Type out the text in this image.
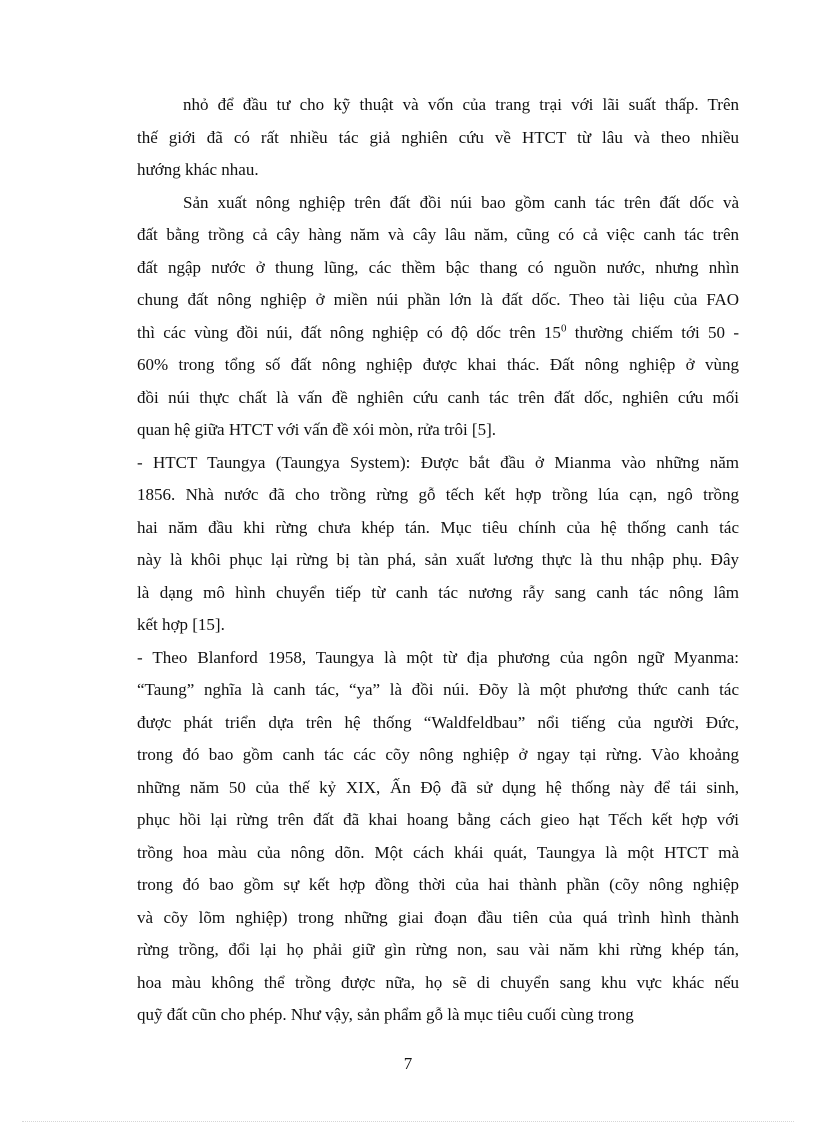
nhỏ để đầu tư cho kỹ thuật và vốn của trang trại với lãi suất thấp. Trên
thế giới đã có rất nhiều tác giả nghiên cứu về HTCT từ lâu và theo nhiều
hướng khác nhau.
Sản xuất nông nghiệp trên đất đồi núi bao gồm canh tác trên đất dốc và
đất bằng trồng cả cây hàng năm và cây lâu năm, cũng có cả việc canh tác trên
đất ngập nước ở thung lũng, các thềm bậc thang có nguồn nước, nhưng nhìn
chung đất nông nghiệp ở miền núi phần lớn là đất dốc. Theo tài liệu của FAO
thì các vùng đồi núi, đất nông nghiệp có độ dốc trên $15^0$ thường chiếm tới 50 -
60% trong tổng số đất nông nghiệp được khai thác. Đất nông nghiệp ở vùng
đồi núi thực chất là vấn đề nghiên cứu canh tác trên đất dốc, nghiên cứu mối
quan hệ giữa HTCT với vấn đề xói mòn, rửa trôi [5].
- HTCT Taungya (Taungya System): Được bắt đầu ở Mianma vào những năm
1856. Nhà nước đã cho trồng rừng gỗ tếch kết hợp trồng lúa cạn, ngô trồng
hai năm đầu khi rừng chưa khép tán. Mục tiêu chính của hệ thống canh tác
này là khôi phục lại rừng bị tàn phá, sản xuất lương thực là thu nhập phụ. Đây
là dạng mô hình chuyển tiếp từ canh tác nương rẫy sang canh tác nông lâm
kết hợp [15].
- Theo Blanford 1958, Taungya là một từ địa phương của ngôn ngữ Myanma:
“Taung” nghĩa là canh tác, “ya” là đồi núi. Đõy là một phương thức canh tác
được phát triển dựa trên hệ thống “Waldfeldbau” nổi tiếng của người Đức,
trong đó bao gồm canh tác các cõy nông nghiệp ở ngay tại rừng. Vào khoảng
những năm 50 của thế kỷ XIX, Ấn Độ đã sử dụng hệ thống này để tái sinh,
phục hồi lại rừng trên đất đã khai hoang bằng cách gieo hạt Tếch kết hợp với
trồng hoa màu của nông dõn. Một cách khái quát, Taungya là một HTCT mà
trong đó bao gồm sự kết hợp đồng thời của hai thành phần (cõy nông nghiệp
và cõy lõm nghiệp) trong những giai đoạn đầu tiên của quá trình hình thành
rừng trồng, đổi lại họ phải giữ gìn rừng non, sau vài năm khi rừng khép tán,
hoa màu không thể trồng được nữa, họ sẽ di chuyển sang khu vực khác nếu
quỹ đất cũn cho phép. Như vậy, sản phẩm gỗ là mục tiêu cuối cùng trong
7
